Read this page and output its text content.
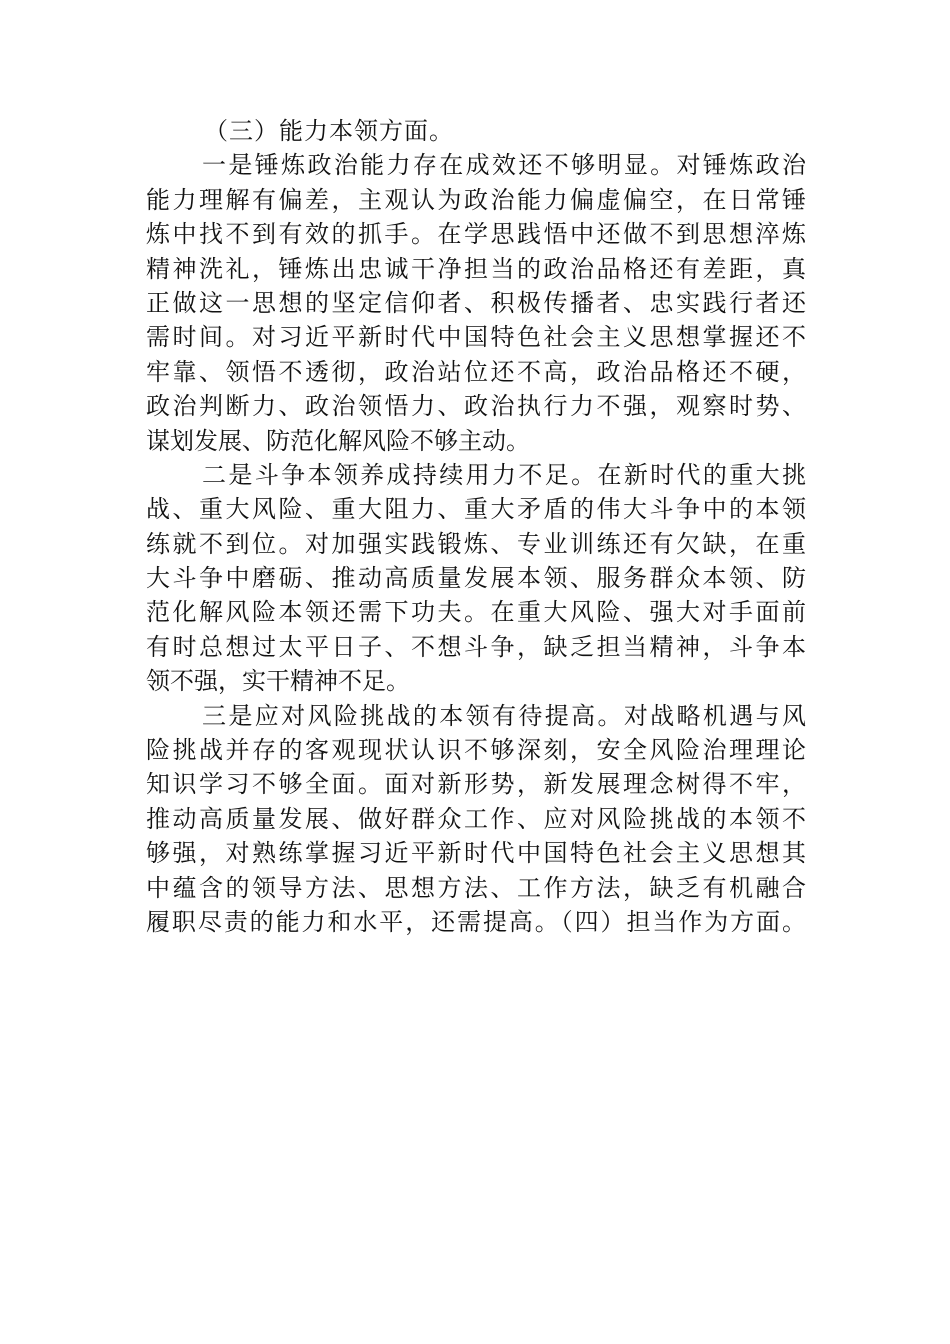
（三）能力本领方面。
一是锤炼政治能力存在成效还不够明显。对锤炼政治
能力理解有偏差，主观认为政治能力偏虚偏空，在日常锤
炼中找不到有效的抓手。在学思践悟中还做不到思想淬炼
精神洗礼，锤炼出忠诚干净担当的政治品格还有差距，真
正做这一思想的坚定信仰者、积极传播者、忠实践行者还
需时间。对习近平新时代中国特色社会主义思想掌握还不
牢靠、领悟不透彻，政治站位还不高，政治品格还不硬，
政治判断力、政治领悟力、政治执行力不强，观察时势、
谋划发展、防范化解风险不够主动。
二是斗争本领养成持续用力不足。在新时代的重大挑
战、重大风险、重大阻力、重大矛盾的伟大斗争中的本领
练就不到位。对加强实践锻炼、专业训练还有欠缺，在重
大斗争中磨砺、推动高质量发展本领、服务群众本领、防
范化解风险本领还需下功夫。在重大风险、强大对手面前
有时总想过太平日子、不想斗争，缺乏担当精神，斗争本
领不强，实干精神不足。
三是应对风险挑战的本领有待提高。对战略机遇与风
险挑战并存的客观现状认识不够深刻，安全风险治理理论
知识学习不够全面。面对新形势，新发展理念树得不牢，
推动高质量发展、做好群众工作、应对风险挑战的本领不
够强，对熟练掌握习近平新时代中国特色社会主义思想其
中蕴含的领导方法、思想方法、工作方法，缺乏有机融合
履职尽责的能力和水平，还需提高。（四）担当作为方面。
